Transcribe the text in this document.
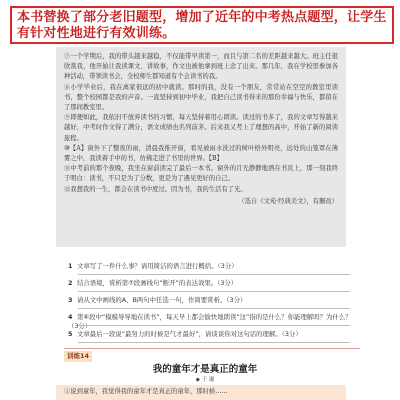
本书替换了部分老旧题型，增加了近年的中考热点题型，让学生有针对性地进行有效训练。

⑦一个学期后，我的带头越来越稳，不仅能带早读第一，而且与第二名的差距越来越大。班主任很欣赏我，他开始让我读课文、讲故事，作文也被他拿到班上念了出来。那几年，我在学校里参加各种活动，带领读书会，全校师生都知道有个会读书的我。

⑧小学毕业后，我在离家很远的初中就读。那时的我，没有一个朋友，常常站在空空的教室里读书，整个校园都是我的声音。一直坚持到初中毕业，我把自己读书得来的那份幸福与快乐，都留在了那间教室里。

⑨即便如此，我依旧不放弃读书的习惯，每天坚持着用心朗读。读过的书多了，我的文章写得越来越好，中考时作文得了满分，语文成绩也名列前茅。后来我又考上了理想的高中，开始了新的阅读旅程。

⑩【A】窗外下了整夜的雨，清晨我推开窗，看见被雨水洗过的树叶格外明亮，远处的山笼罩在薄雾之中，我读着手中的书，仿佛走进了书里的世界。【B】

⑪中考前的那个夜晚，我坐在窗前读完了最后一本书。窗外的月光静静地洒在书页上，那一刻我终于明白：读书，不只是为了分数，更是为了遇见更好的自己。

⑫我想我的一生，都会在读书中度过。因为书，我的生活有了光。

（选自《文苑·经典美文》，有删改）

1 文章写了一件什么事？请用简洁的语言进行概括。（3分）

2 结合语境，赏析第⑦段画线句“断开”的表达效果。（3分）

3 请从文中画线的A、B两句中任选一句，作简要赏析。（3分）

4 第⑥段中“模模导导地在读书”，每天早上都会愉快地朗读“这”指的是什么？你能理解吗？为什么？（3分）

5 文章最后一段说“最努力的时候是气才最好”，请谈谈你对这句话的理解。（3分）

训练14
我的童年才是真正的童年
◆ 于 谦

①说到童年，我觉得我的童年才是真正的童年，那时候……
